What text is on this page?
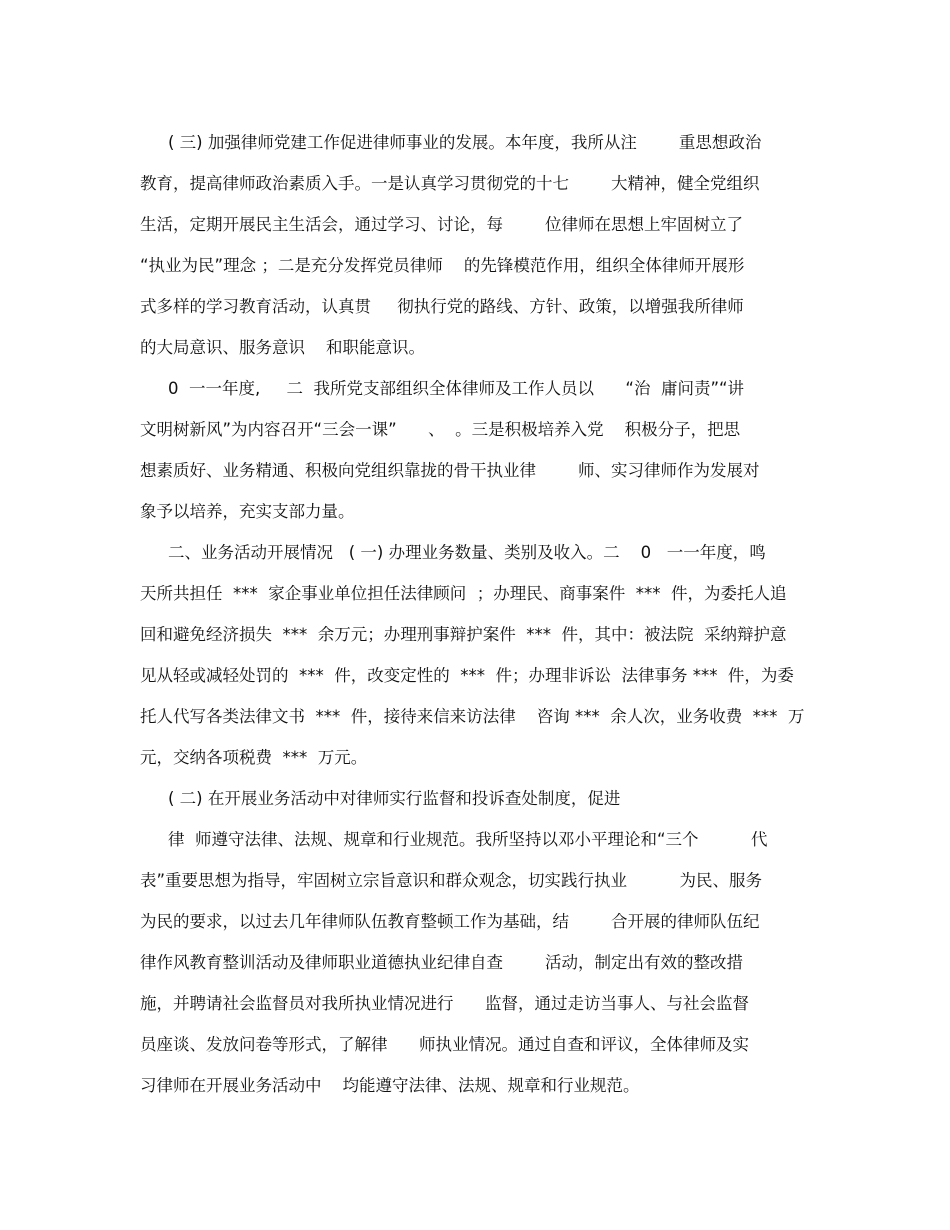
( 三) 加强律师党建工作促进律师事业的发展。本年度，我所从注        重思想政治
教育，提高律师政治素质入手。一是认真学习贯彻党的十七        大精神，健全党组织
生活，定期开展民主生活会，通过学习、讨论，每        位律师在思想上牢固树立了
“执业为民”理念 ；二是充分发挥党员律师    的先锋模范作用，组织全体律师开展形
式多样的学习教育活动，认真贯     彻执行党的路线、方针、政策，以增强我所律师
的大局意识、服务意识    和职能意识。
0  一一年度,     二  我所党支部组织全体律师及工作人员以      “治  庸问责”“讲
文明树新风”为内容召开“三会一课”      、  。三是积极培养入党    积极分子，把思
想素质好、业务精通、积极向党组织靠拢的骨干执业律        师、实习律师作为发展对
象予以培养，充实支部力量。
二、业务活动开展情况   ( 一) 办理业务数量、类别及收入。二    0   一一年度，鸣
天所共担任  ***  家企事业单位担任法律顾问  ；办理民、商事案件  ***  件，为委托人追
回和避免经济损失  ***  余万元；办理刑事辩护案件  ***  件，其中：被法院  采纳辩护意
见从轻或减轻处罚的  ***  件，改变定性的  ***  件；办理非诉讼  法律事务 ***  件，为委
托人代写各类法律文书  ***  件，接待来信来访法律    咨询 ***  余人次，业务收费  ***  万
元，交纳各项税费  ***  万元。
( 二) 在开展业务活动中对律师实行监督和投诉查处制度，促进
律  师遵守法律、法规、规章和行业规范。我所坚持以邓小平理论和“三个          代
表”重要思想为指导，牢固树立宗旨意识和群众观念，切实践行执业          为民、服务
为民的要求，以过去几年律师队伍教育整顿工作为基础，结        合开展的律师队伍纪
律作风教育整训活动及律师职业道德执业纪律自查        活动，制定出有效的整改措
施，并聘请社会监督员对我所执业情况进行      监督，通过走访当事人、与社会监督
员座谈、发放问卷等形式，了解律      师执业情况。通过自查和评议，全体律师及实
习律师在开展业务活动中    均能遵守法律、法规、规章和行业规范。
